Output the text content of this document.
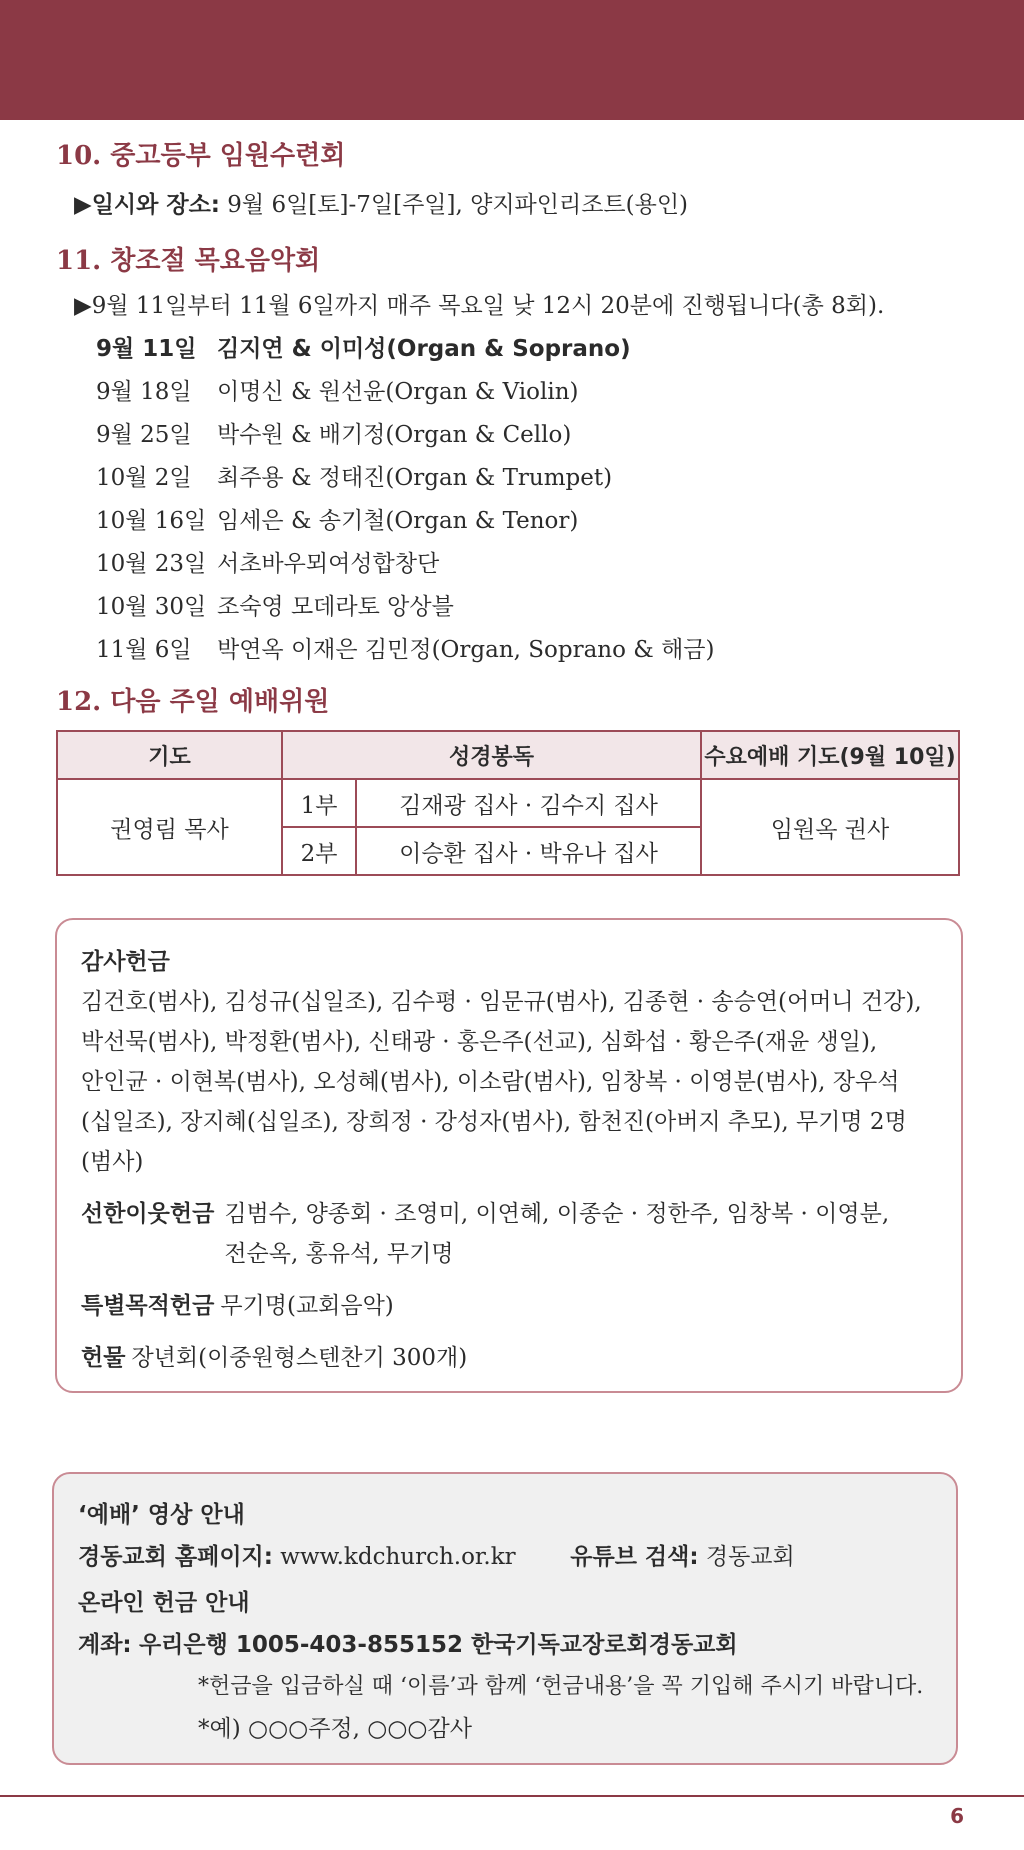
10. 중고등부 임원수련회
▶일시와 장소: 9월 6일[토]-7일[주일], 양지파인리조트(용인)
11. 창조절 목요음악회
▶9월 11일부터 11월 6일까지 매주 목요일 낮 12시 20분에 진행됩니다(총 8회).
9월 11일 김지연 & 이미성(Organ & Soprano)
9월 18일 이명신 & 원선윤(Organ & Violin)
9월 25일 박수원 & 배기정(Organ & Cello)
10월 2일 최주용 & 정태진(Organ & Trumpet)
10월 16일 임세은 & 송기철(Organ & Tenor)
10월 23일 서초바우뫼여성합창단
10월 30일 조숙영 모데라토 앙상블
11월 6일 박연옥 이재은 김민정(Organ, Soprano & 해금)
12. 다음 주일 예배위원
기도	성경봉독		수요예배 기도(9월 10일)
권영림 목사	1부	김재광 집사 · 김수지 집사	임원옥 권사
	2부	이승환 집사 · 박유나 집사	
감사헌금
김건호(범사), 김성규(십일조), 김수평 · 임문규(범사), 김종현 · 송승연(어머니 건강),
박선묵(범사), 박정환(범사), 신태광 · 홍은주(선교), 심화섭 · 황은주(재윤 생일),
안인균 · 이현복(범사), 오성혜(범사), 이소람(범사), 임창복 · 이영분(범사), 장우석
(십일조), 장지혜(십일조), 장희정 · 강성자(범사), 함천진(아버지 추모), 무기명 2명
(범사)
선한이웃헌금 김범수, 양종회 · 조영미, 이연혜, 이종순 · 정한주, 임창복 · 이영분,
전순옥, 홍유석, 무기명
특별목적헌금 무기명(교회음악)
헌물 장년회(이중원형스텐찬기 300개)
‘예배’ 영상 안내
경동교회 홈페이지: www.kdchurch.or.kr 유튜브 검색: 경동교회
온라인 헌금 안내
계좌: 우리은행 1005-403-855152 한국기독교장로회경동교회
*헌금을 입금하실 때 ‘이름’과 함께 ‘헌금내용’을 꼭 기입해 주시기 바랍니다.
*예) ○○○주정, ○○○감사
6
